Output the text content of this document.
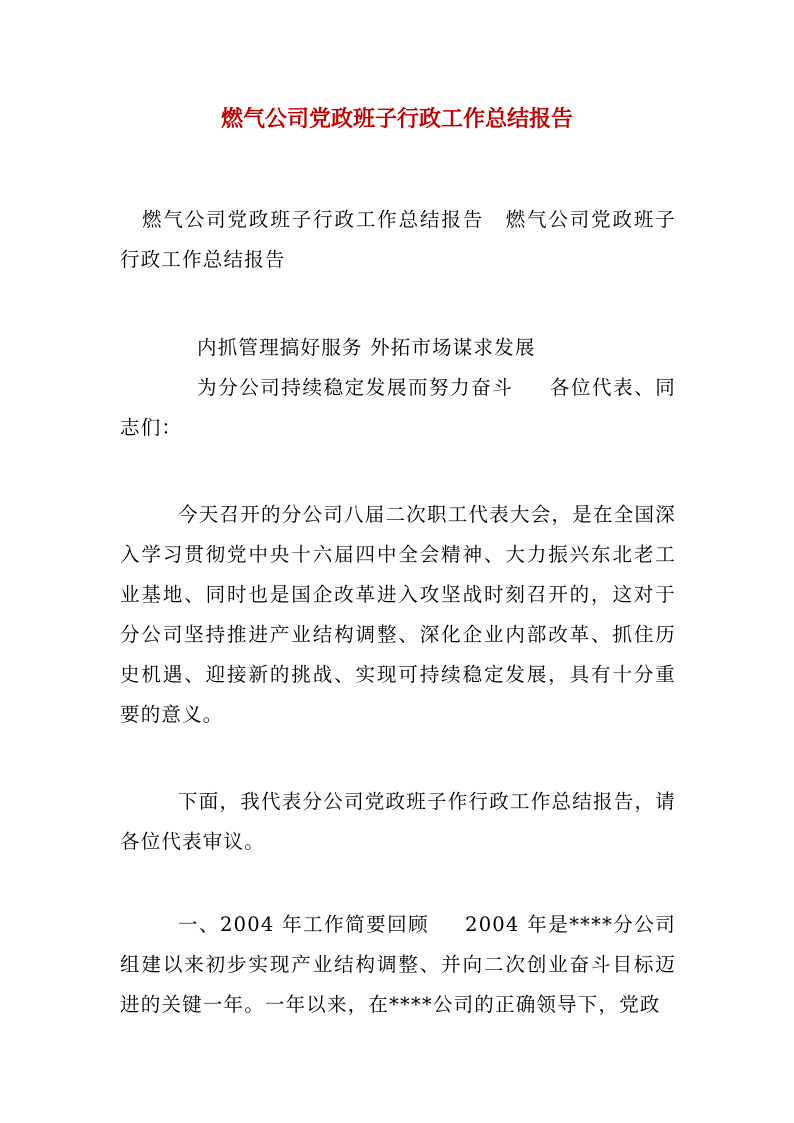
燃气公司党政班子行政工作总结报告

燃气公司党政班子行政工作总结报告　燃气公司党政班子行政工作总结报告

内抓管理搞好服务 外拓市场谋求发展

为分公司持续稳定发展而努力奋斗 各位代表、同志们：

今天召开的分公司八届二次职工代表大会，是在全国深入学习贯彻党中央十六届四中全会精神、大力振兴东北老工业基地、同时也是国企改革进入攻坚战时刻召开的，这对于分公司坚持推进产业结构调整、深化企业内部改革、抓住历史机遇、迎接新的挑战、实现可持续稳定发展，具有十分重要的意义。

下面，我代表分公司党政班子作行政工作总结报告，请各位代表审议。

一、2004 年工作简要回顾 2004 年是****分公司组建以来初步实现产业结构调整、并向二次创业奋斗目标迈进的关键一年。一年以来，在****公司的正确领导下，党政
